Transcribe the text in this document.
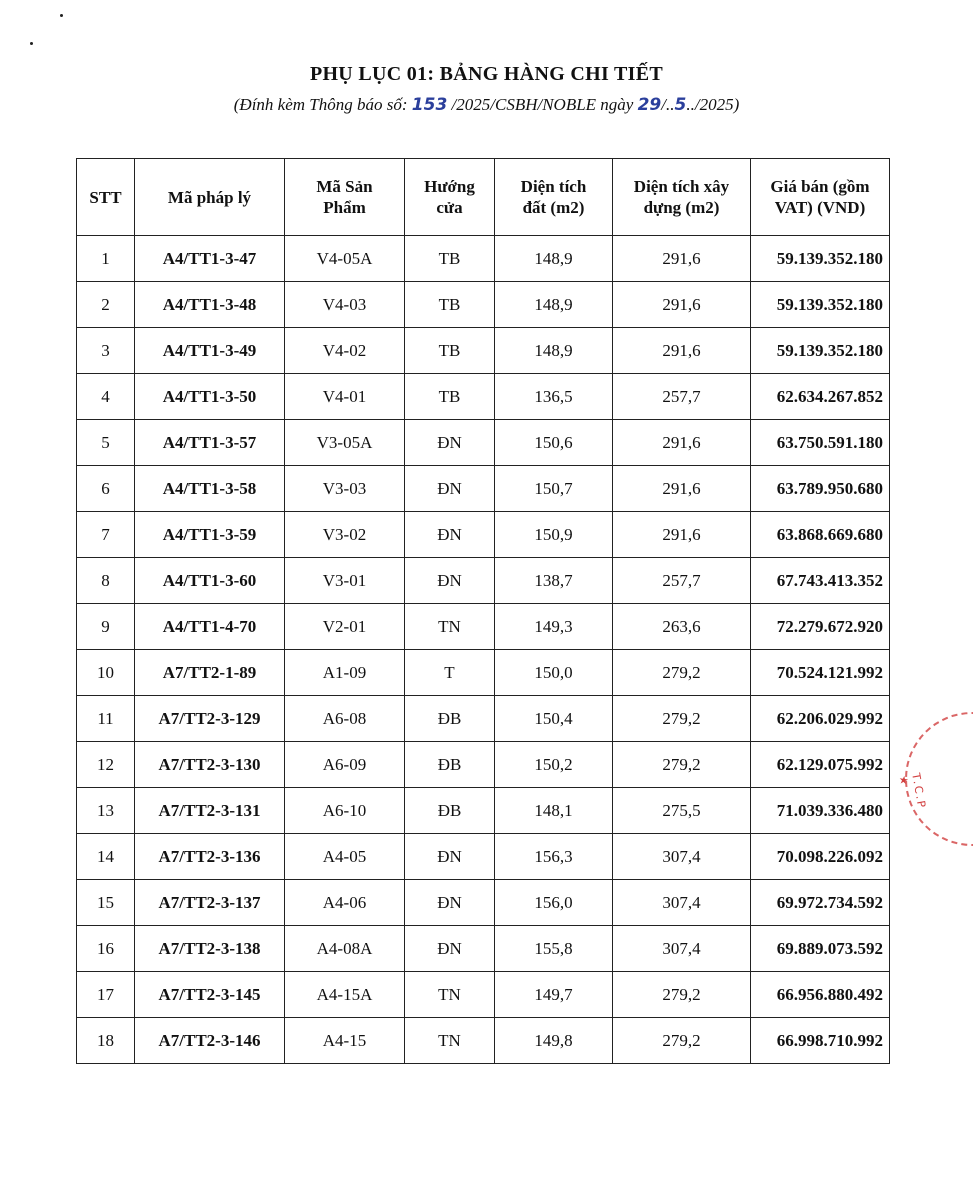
PHỤ LỤC 01: BẢNG HÀNG CHI TIẾT
(Đính kèm Thông báo số: 153 /2025/CSBH/NOBLE ngày 29/..5../2025)
STT	Mã pháp lý	Mã Sản Phẩm	Hướng cửa	Diện tích đất (m2)	Diện tích xây dựng (m2)	Giá bán (gồm VAT) (VND)
1	A4/TT1-3-47	V4-05A	TB	148,9	291,6	59.139.352.180
2	A4/TT1-3-48	V4-03	TB	148,9	291,6	59.139.352.180
3	A4/TT1-3-49	V4-02	TB	148,9	291,6	59.139.352.180
4	A4/TT1-3-50	V4-01	TB	136,5	257,7	62.634.267.852
5	A4/TT1-3-57	V3-05A	ĐN	150,6	291,6	63.750.591.180
6	A4/TT1-3-58	V3-03	ĐN	150,7	291,6	63.789.950.680
7	A4/TT1-3-59	V3-02	ĐN	150,9	291,6	63.868.669.680
8	A4/TT1-3-60	V3-01	ĐN	138,7	257,7	67.743.413.352
9	A4/TT1-4-70	V2-01	TN	149,3	263,6	72.279.672.920
10	A7/TT2-1-89	A1-09	T	150,0	279,2	70.524.121.992
11	A7/TT2-3-129	A6-08	ĐB	150,4	279,2	62.206.029.992
12	A7/TT2-3-130	A6-09	ĐB	150,2	279,2	62.129.075.992
13	A7/TT2-3-131	A6-10	ĐB	148,1	275,5	71.039.336.480
14	A7/TT2-3-136	A4-05	ĐN	156,3	307,4	70.098.226.092
15	A7/TT2-3-137	A4-06	ĐN	156,0	307,4	69.972.734.592
16	A7/TT2-3-138	A4-08A	ĐN	155,8	307,4	69.889.073.592
17	A7/TT2-3-145	A4-15A	TN	149,7	279,2	66.956.880.492
18	A7/TT2-3-146	A4-15	TN	149,8	279,2	66.998.710.992
T.C.P ★
